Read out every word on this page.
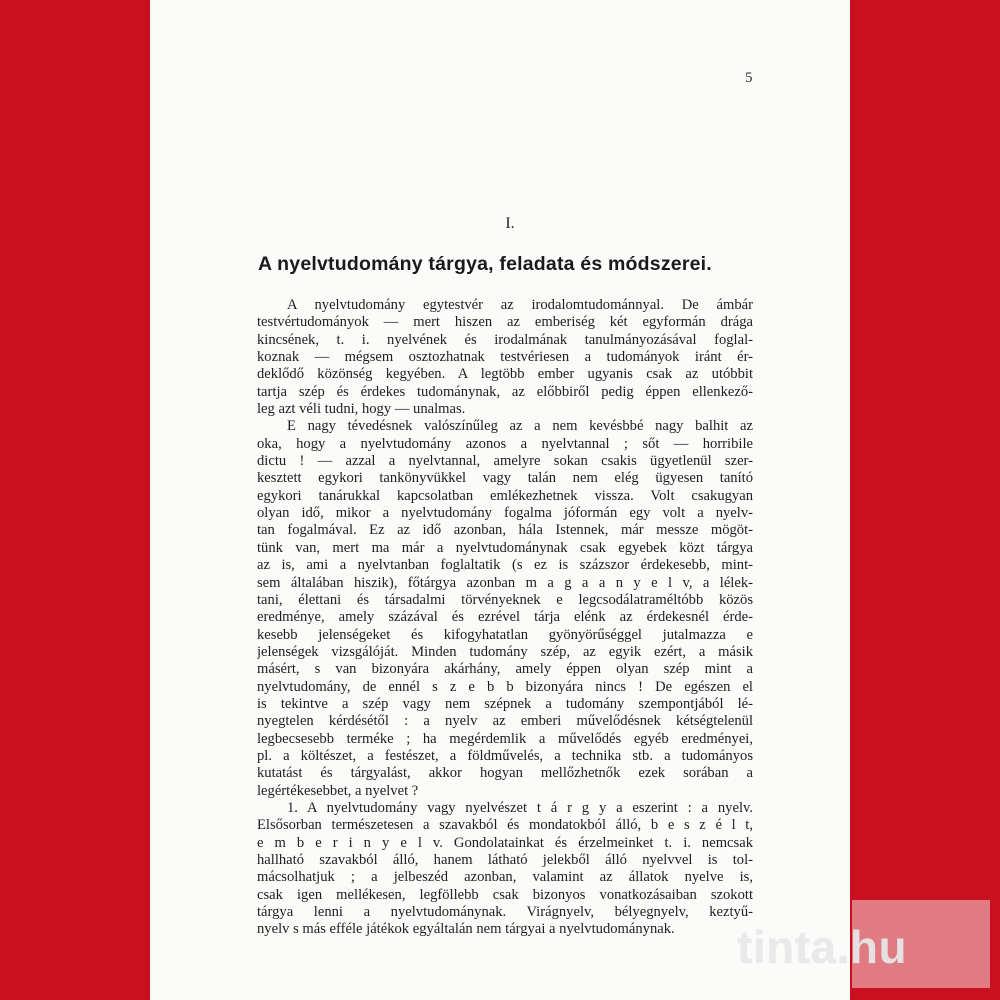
5
I.
A nyelvtudomány tárgya, feladata és módszerei.
A nyelvtudomány egytestvér az irodalomtudománnyal. De ámbár
testvértudományok — mert hiszen az emberiség két egyformán drága
kincsének, t. i. nyelvének és irodalmának tanulmányozásával foglal-
koznak — mégsem osztozhatnak testvériesen a tudományok iránt ér-
deklődő közönség kegyében. A legtöbb ember ugyanis csak az utóbbit
tartja szép és érdekes tudománynak, az előbbiről pedig éppen ellenkező-
leg azt véli tudni, hogy — unalmas.
E nagy tévedésnek valószínűleg az a nem kevésbbé nagy balhit az
oka, hogy a nyelvtudomány azonos a nyelvtannal ; sőt — horribile
dictu ! — azzal a nyelvtannal, amelyre sokan csakis ügyetlenül szer-
kesztett egykori tankönyvükkel vagy talán nem elég ügyesen tanító
egykori tanárukkal kapcsolatban emlékezhetnek vissza. Volt csakugyan
olyan idő, mikor a nyelvtudomány fogalma jóformán egy volt a nyelv-
tan fogalmával. Ez az idő azonban, hála Istennek, már messze mögöt-
tünk van, mert ma már a nyelvtudománynak csak egyebek közt tárgya
az is, ami a nyelvtanban foglaltatik (s ez is százszor érdekesebb, mint-
sem általában hiszik), főtárgya azonban m a g a a n y e l v, a lélek-
tani, élettani és társadalmi törvényeknek e legcsodálatraméltóbb közös
eredménye, amely százával és ezrével tárja elénk az érdekesnél érde-
kesebb jelenségeket és kifogyhatatlan gyönyörűséggel jutalmazza e
jelenségek vizsgálóját. Minden tudomány szép, az egyik ezért, a másik
másért, s van bizonyára akárhány, amely éppen olyan szép mint a
nyelvtudomány, de ennél s z e b b bizonyára nincs ! De egészen el
is tekintve a szép vagy nem szépnek a tudomány szempontjából lé-
nyegtelen kérdésétől : a nyelv az emberi művelődésnek kétségtelenül
legbecsesebb terméke ; ha megérdemlik a művelődés egyéb eredményei,
pl. a költészet, a festészet, a földművelés, a technika stb. a tudományos
kutatást és tárgyalást, akkor hogyan mellőzhetnők ezek sorában a
legértékesebbet, a nyelvet ?
1. A nyelvtudomány vagy nyelvészet t á r g y a eszerint : a nyelv.
Elsősorban természetesen a szavakból és mondatokból álló, b e s z é l t,
e m b e r i n y e l v. Gondolatainkat és érzelmeinket t. i. nemcsak
hallható szavakból álló, hanem látható jelekből álló nyelvvel is tol-
mácsolhatjuk ; a jelbeszéd azonban, valamint az állatok nyelve is,
csak igen mellékesen, legföllebb csak bizonyos vonatkozásaiban szokott
tárgya lenni a nyelvtudománynak. Virágnyelv, bélyegnyelv, keztyű-
nyelv s más efféle játékok egyáltalán nem tárgyai a nyelvtudománynak.	tinta.hu
